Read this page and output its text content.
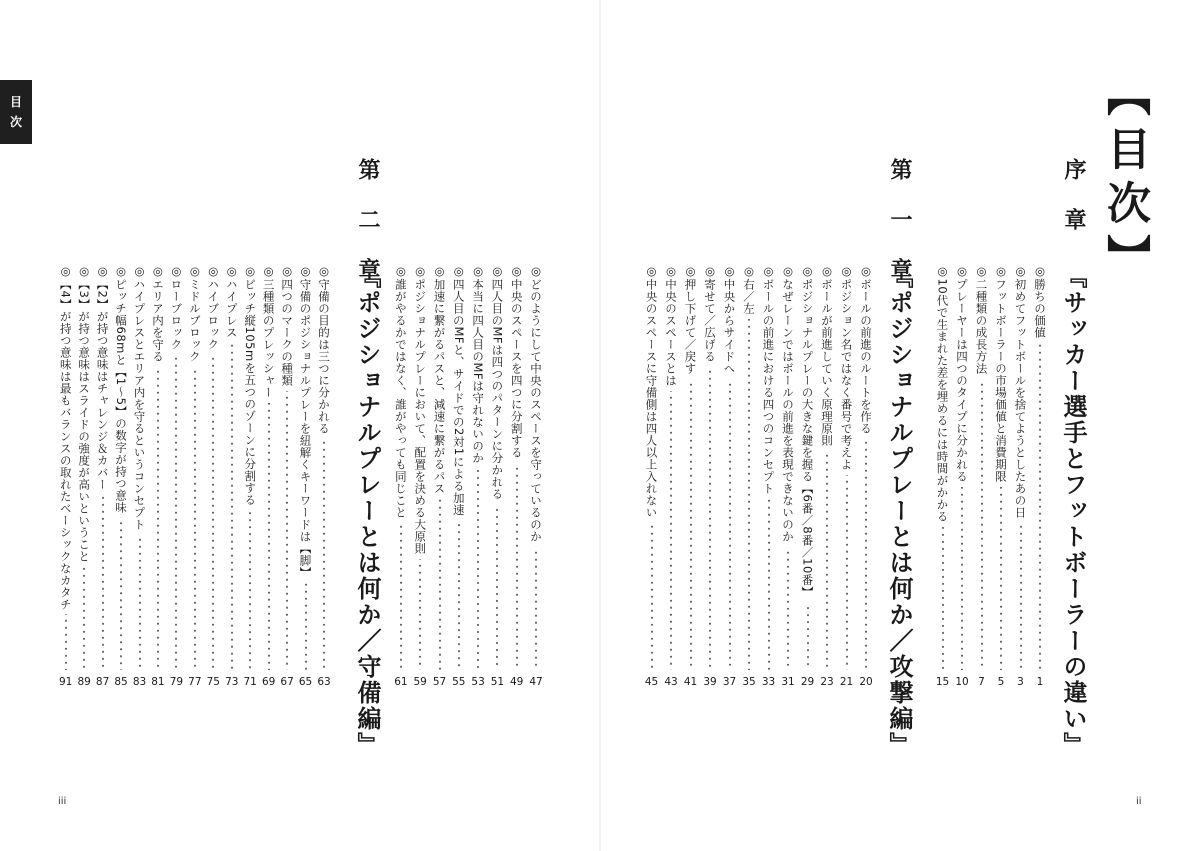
目
次	【目次】
序章
『サッカー選手とフットボーラーの違い』
◎勝ちの価値
1
◎初めてフットボールを捨てようとしたあの日
3
◎フットボーラーの市場価値と消費期限
5
◎二種類の成長方法
7
◎プレーヤーは四つのタイプに分かれる
10
◎10代で生まれた差を埋めるには時間がかかる
15
第一章
『ポジショナルプレーとは何か／攻撃編』
◎ボールの前進のルートを作る
20
◎ポジション名ではなく番号で考えよ
21
◎ボールが前進していく原理原則
23
◎ポジショナルプレーの大きな鍵を握る【6番／8番／10番】
29
◎なぜレーンではボールの前進を表現できないのか
31
◎ボールの前進における四つのコンセプト
33
◎右／左
35
◎中央からサイドへ
37
◎寄せて／広げる
39
◎押し下げて／戻す
41
◎中央のスペースとは
43
◎中央のスペースに守備側は四人以上入れない
45
◎どのようにして中央のスペースを守っているのか
47
◎中央のスペースを四つに分割する
49
◎四人目のMFは四つのパターンに分かれる
51
◎本当に四人目のMFは守れないのか
53
◎四人目のMFと、サイドでの2対1による加速
55
◎加速に繋がるパスと、減速に繋がるパス
57
◎ポジショナルプレーにおいて、配置を決める大原則
59
◎誰がやるかではなく、誰がやっても同じこと
61
第二章
『ポジショナルプレーとは何か／守備編』
◎守備の目的は三つに分かれる
63
◎守備のポジショナルプレーを紐解くキーワードは【脚】
65
◎四つのマークの種類
67
◎三種類のプレッシャー
69
◎ピッチ縦105mを五つのゾーンに分割する
71
◎ハイプレス
73
◎ハイブロック
75
◎ミドルブロック
77
◎ローブロック
79
◎エリア内を守る
81
◎ハイプレスとエリア内を守るというコンセプト
83
◎ピッチ幅68mと【1〜5】の数字が持つ意味
85
◎【2】が持つ意味はチャレンジ＆カバー
87
◎【3】が持つ意味はスライドの強度が高いということ
89
◎【4】が持つ意味は最もバランスの取れたベーシックなカタチ
91
iii	ii
